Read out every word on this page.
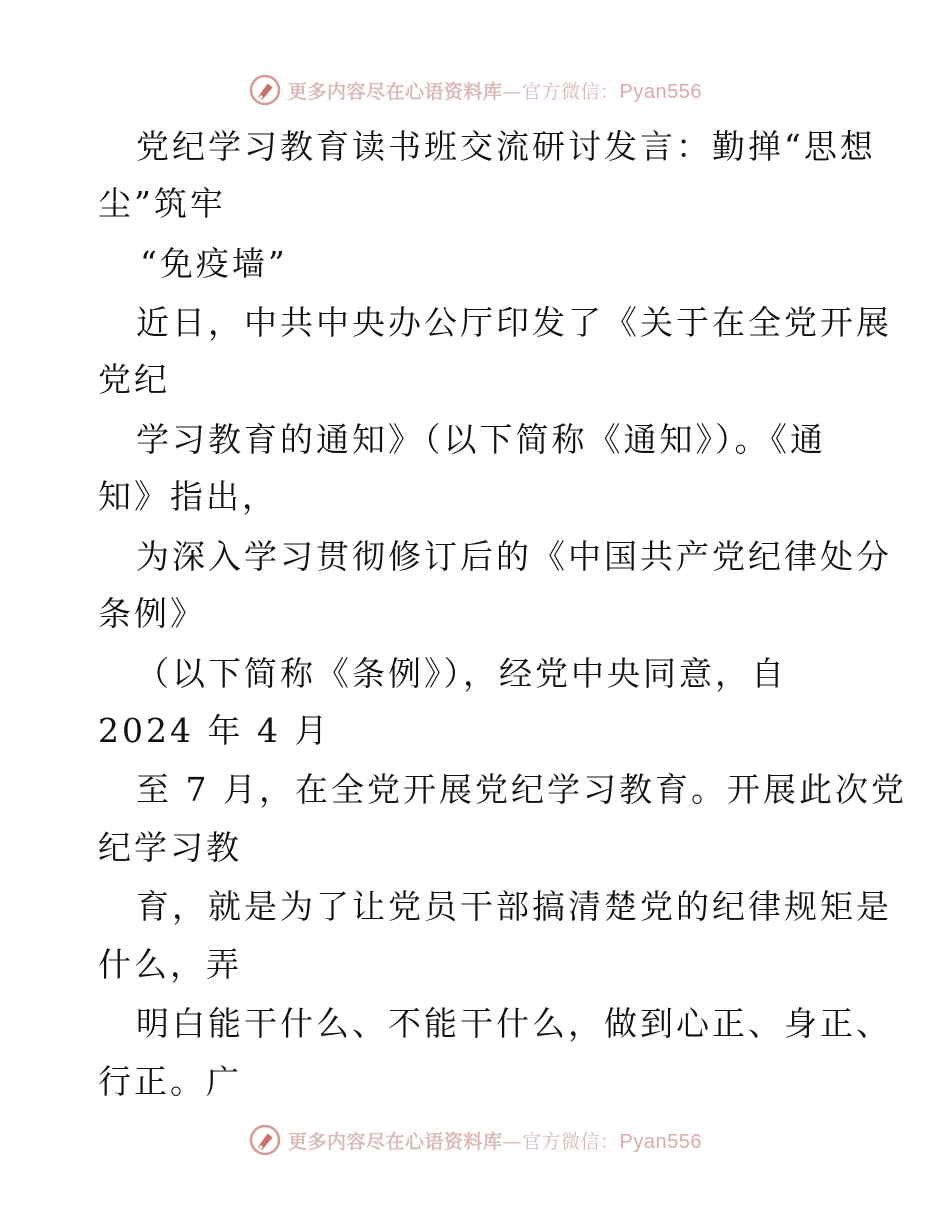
更多内容尽在心语资料库—官方微信：Pyan556
党纪学习教育读书班交流研讨发言：勤掸“思想
尘”筑牢
“免疫墙”
近日，中共中央办公厅印发了《关于在全党开展
党纪
学习教育的通知》（以下简称《通知》）。《通
知》指出，
为深入学习贯彻修订后的《中国共产党纪律处分
条例》
（以下简称《条例》），经党中央同意，自
2024 年 4 月
至 7 月，在全党开展党纪学习教育。开展此次党
纪学习教
育，就是为了让党员干部搞清楚党的纪律规矩是
什么，弄
明白能干什么、不能干什么，做到心正、身正、
行正。广
更多内容尽在心语资料库—官方微信：Pyan556
